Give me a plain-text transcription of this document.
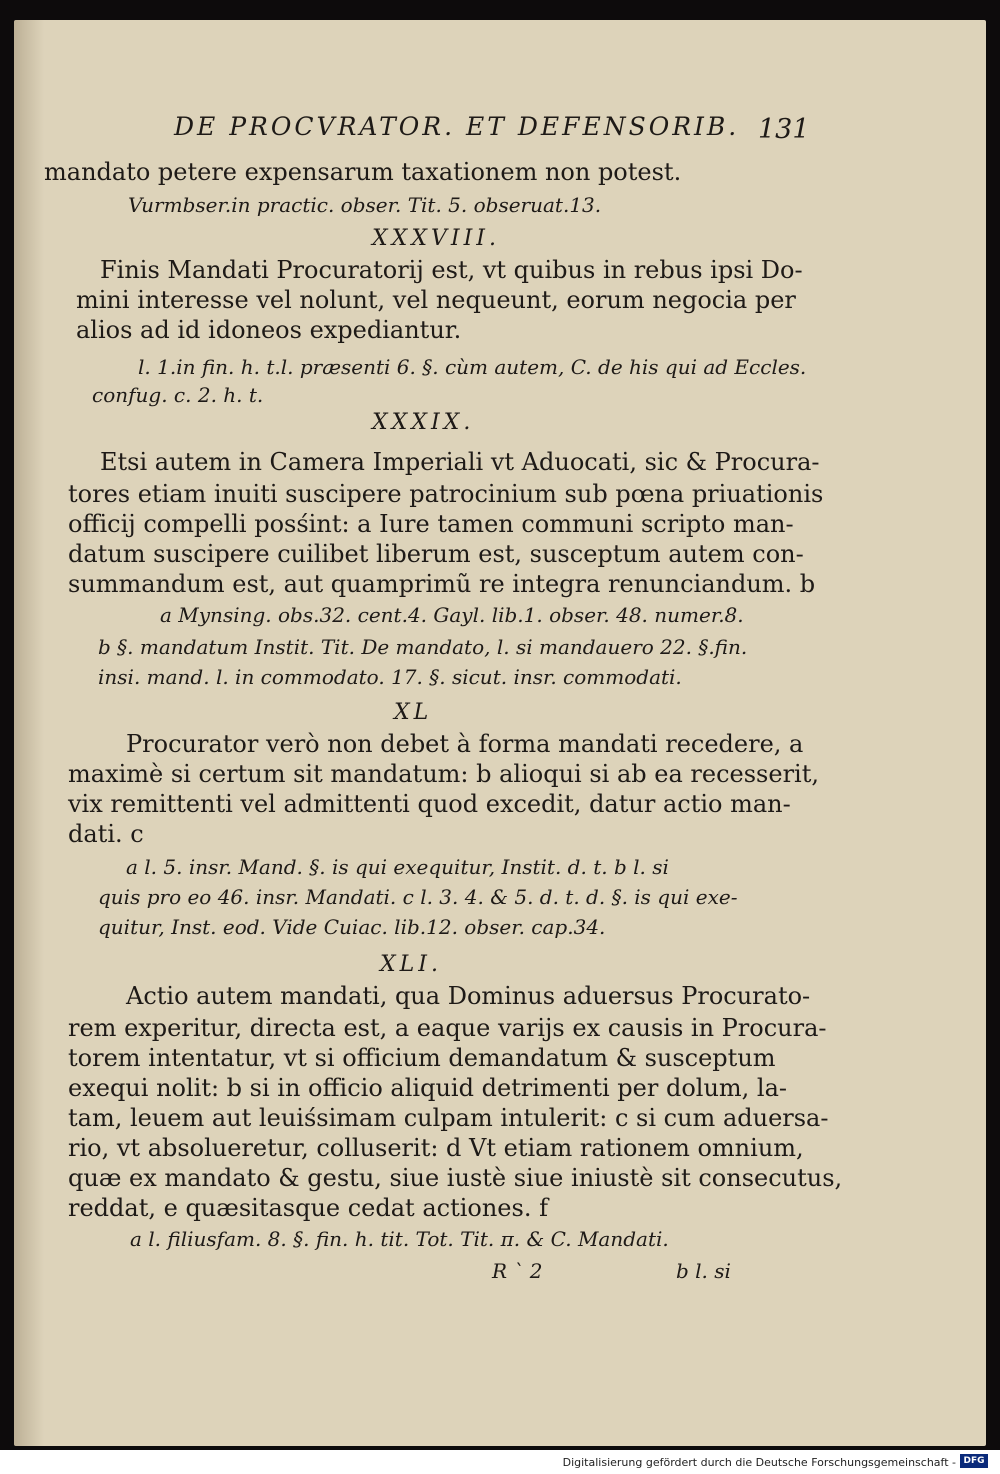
DE PROCVRATOR. ET DEFENSORIB. 131
mandato petere expensarum taxationem non potest.
Vurmbser.in practic. obser. Tit. 5. obseruat.13.
XXXVIII.
Finis Mandati Procuratorij est, vt quibus in rebus ipsi Do-
mini interesse vel nolunt, vel nequeunt, eorum negocia per
alios ad id idoneos expediantur.
l. 1.in fin. h. t.l. præsenti 6. §. cùm autem, C. de his qui ad Eccles.
confug. c. 2. h. t.
XXXIX.
Etsi autem in Camera Imperiali vt Aduocati, sic & Procura-
tores etiam inuiti suscipere patrocinium sub pœna priuationis
officij compelli posśint: a Iure tamen communi scripto man-
datum suscipere cuilibet liberum est, susceptum autem con-
summandum est, aut quamprimũ re integra renunciandum. b
a Mynsing. obs.32. cent.4. Gayl. lib.1. obser. 48. numer.8.
b §. mandatum Instit. Tit. De mandato, l. si mandauero 22. §.fin.
insi. mand. l. in commodato. 17. §. sicut. insr. commodati.
XL
Procurator verò non debet à forma mandati recedere, a
maximè si certum sit mandatum: b alioqui si ab ea recesserit,
vix remittenti vel admittenti quod excedit, datur actio man-
dati. c
a l. 5. insr. Mand. §. is qui exequitur, Instit. d. t. b l. si
quis pro eo 46. insr. Mandati. c l. 3. 4. & 5. d. t. d. §. is qui exe-
quitur, Inst. eod. Vide Cuiac. lib.12. obser. cap.34.
XLI.
Actio autem mandati, qua Dominus aduersus Procurato-
rem experitur, directa est, a eaque varijs ex causis in Procura-
torem intentatur, vt si officium demandatum & susceptum
exequi nolit: b si in officio aliquid detrimenti per dolum, la-
tam, leuem aut leuiśsimam culpam intulerit: c si cum aduersa-
rio, vt absolueretur, colluserit: d Vt etiam rationem omnium,
quæ ex mandato & gestu, siue iustè siue iniustè sit consecutus,
reddat, e quæsitasque cedat actiones. f
a l. filiusfam. 8. §. fin. h. tit. Tot. Tit. π. & C. Mandati.
R ` 2	b l. si
Digitalisierung gefördert durch die Deutsche Forschungsgemeinschaft - DFG
